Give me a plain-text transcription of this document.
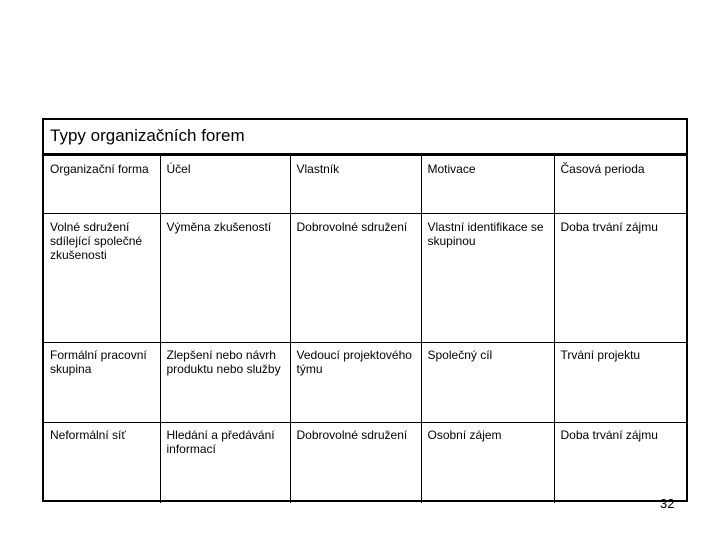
Typy organizačních forem
Organizační forma	Účel	Vlastník	Motivace	Časová perioda
Volné sdružení sdílející společné zkušenosti	Výměna zkušeností	Dobrovolné sdružení	Vlastní identifikace se skupinou	Doba trvání zájmu
Formální pracovní skupina	Zlepšení nebo návrh produktu nebo služby	Vedoucí projektového týmu	Společný cíl	Trvání projektu
Neformální síť	Hledání a předávání informací	Dobrovolné sdružení	Osobní zájem	Doba trvání zájmu
32
